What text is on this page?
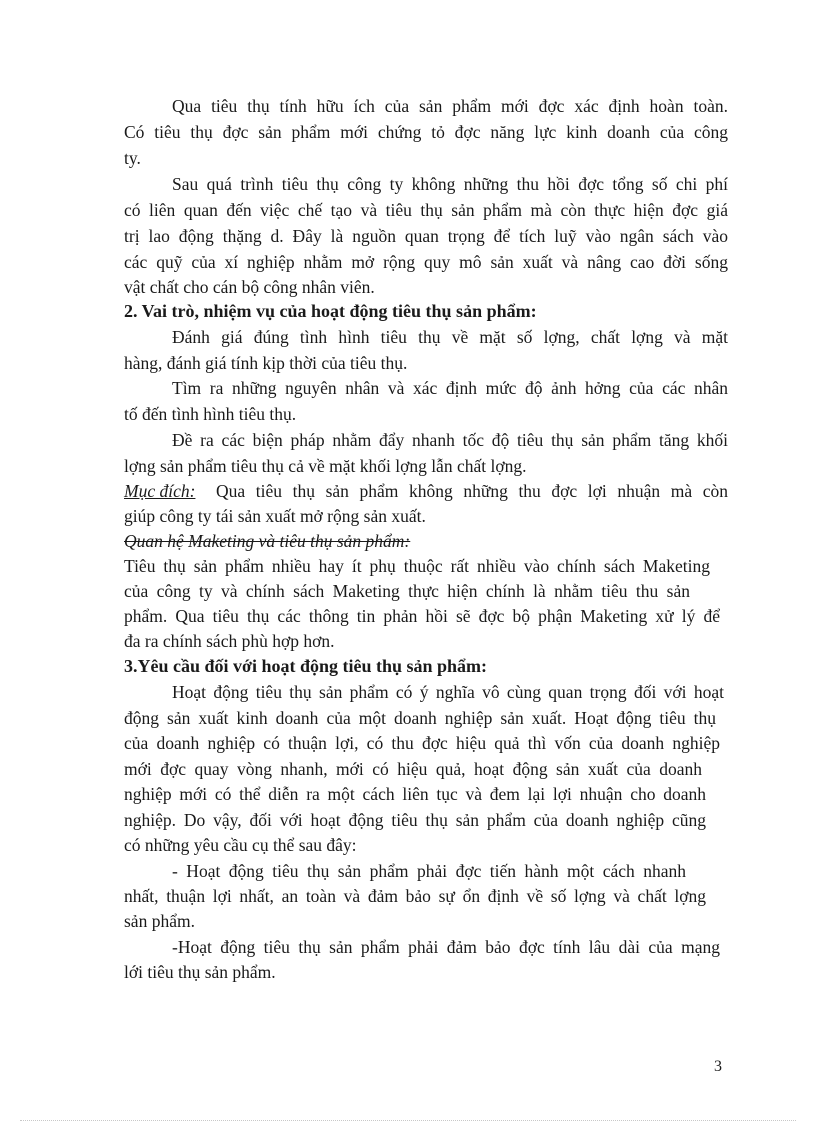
Qua tiêu thụ tính hữu ích của sản phẩm mới đợc xác định hoàn toàn.
Có tiêu thụ đợc sản phẩm mới chứng tỏ đợc năng lực kinh doanh của công
ty.
Sau quá trình tiêu thụ công ty không những thu hồi đợc tổng số chi phí
có liên quan đến việc chế tạo và tiêu thụ sản phẩm mà còn thực hiện đợc giá
trị lao động thặng d. Đây là nguồn quan trọng để tích luỹ vào ngân sách vào
các quỹ của xí nghiệp nhằm mở rộng quy mô sản xuất và nâng cao đời sống
vật chất cho cán bộ công nhân viên.
2. Vai trò, nhiệm vụ của hoạt động tiêu thụ sản phẩm:
Đánh giá đúng tình hình tiêu thụ về mặt số lợng, chất lợng và mặt
hàng, đánh giá tính kịp thời của tiêu thụ.
Tìm ra những nguyên nhân và xác định mức độ ảnh hởng của các nhân
tố đến tình hình tiêu thụ.
Đề ra các biện pháp nhằm đẩy nhanh tốc độ tiêu thụ sản phẩm tăng khối
lợng sản phẩm tiêu thụ cả về mặt khối lợng lẫn chất lợng.
Mục đích: Qua tiêu thụ sản phẩm không những thu đợc lợi nhuận mà còn
giúp công ty tái sản xuất mở rộng sản xuất.
Quan hệ Maketing và tiêu thụ sản phẩm:
Tiêu thụ sản phẩm nhiều hay ít phụ thuộc rất nhiều vào chính sách Maketing
của công ty và chính sách Maketing thực hiện chính là nhằm tiêu thu sản
phẩm. Qua tiêu thụ các thông tin phản hồi sẽ đợc bộ phận Maketing xử lý để
đa ra chính sách phù hợp hơn.
3.Yêu cầu đối với hoạt động tiêu thụ sản phẩm:
Hoạt động tiêu thụ sản phẩm có ý nghĩa vô cùng quan trọng đối với hoạt
động sản xuất kinh doanh của một doanh nghiệp sản xuất. Hoạt động tiêu thụ
của doanh nghiệp có thuận lợi, có thu đợc hiệu quả thì vốn của doanh nghiệp
mới đợc quay vòng nhanh, mới có hiệu quả, hoạt động sản xuất của doanh
nghiệp mới có thể diễn ra một cách liên tục và đem lại lợi nhuận cho doanh
nghiệp. Do vậy, đối với hoạt động tiêu thụ sản phẩm của doanh nghiệp cũng
có những yêu cầu cụ thể sau đây:
- Hoạt động tiêu thụ sản phẩm phải đợc tiến hành một cách nhanh
nhất, thuận lợi nhất, an toàn và đảm bảo sự ổn định về số lợng và chất lợng
sản phẩm.
-Hoạt động tiêu thụ sản phẩm phải đảm bảo đợc tính lâu dài của mạng
lới tiêu thụ sản phẩm.
3
